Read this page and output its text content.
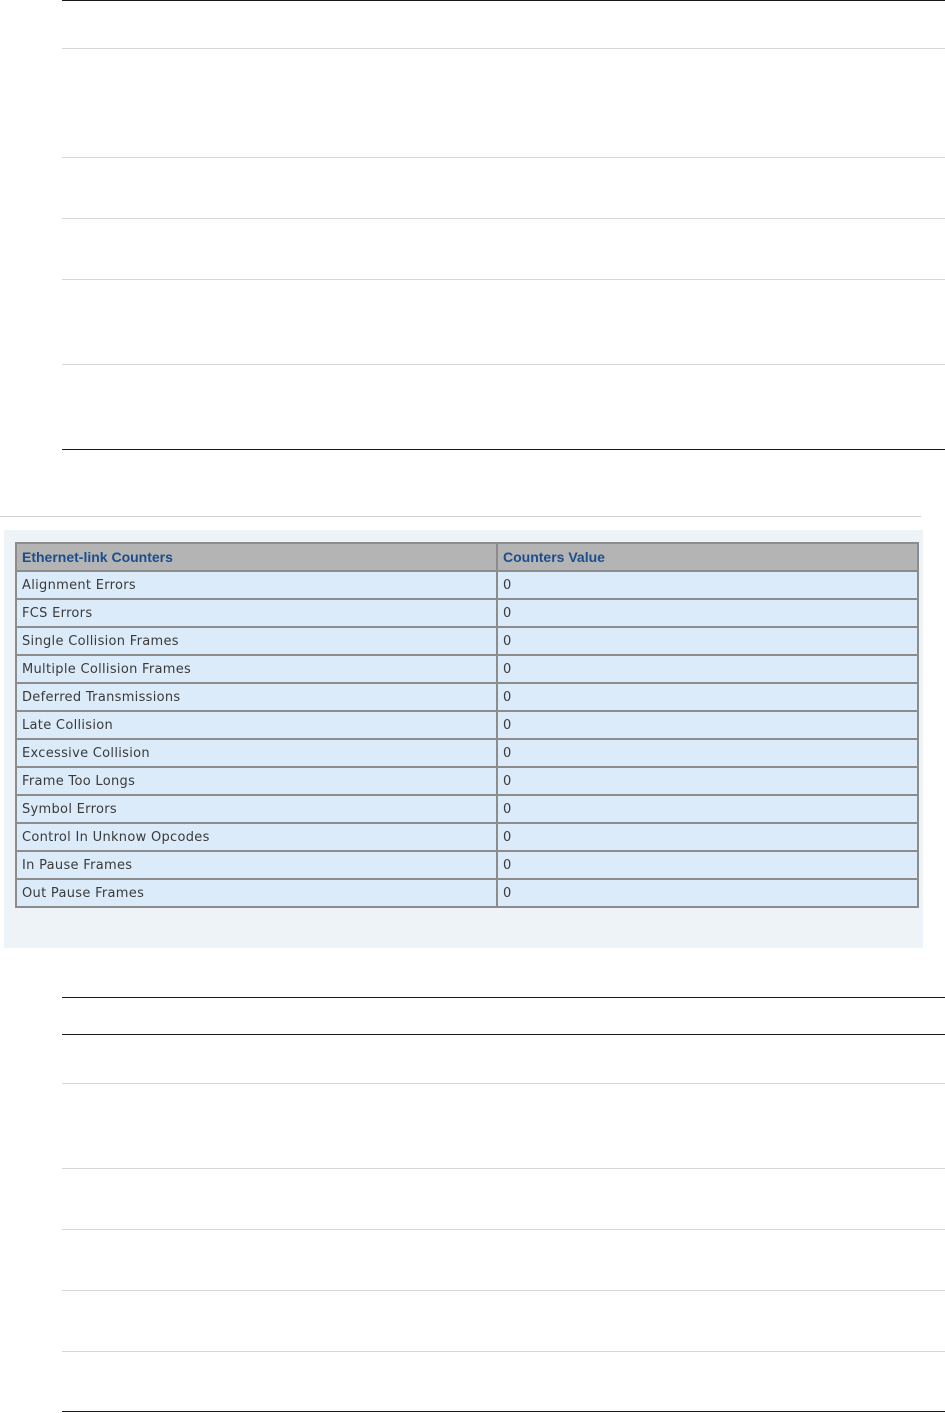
Ethernet-link Counters	Counters Value
Alignment Errors	0
FCS Errors	0
Single Collision Frames	0
Multiple Collision Frames	0
Deferred Transmissions	0
Late Collision	0
Excessive Collision	0
Frame Too Longs	0
Symbol Errors	0
Control In Unknow Opcodes	0
In Pause Frames	0
Out Pause Frames	0
